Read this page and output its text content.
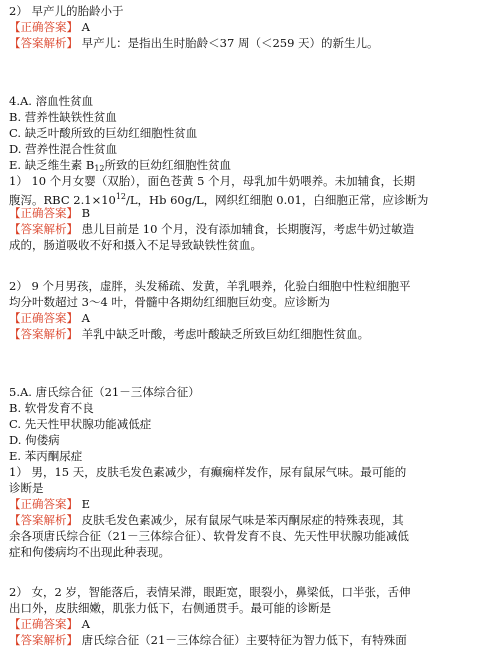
2） 早产儿的胎龄小于
【正确答案】 A
【答案解析】 早产儿：是指出生时胎龄＜37 周（＜259 天）的新生儿。
4.A. 溶血性贫血
B. 营养性缺铁性贫血
C. 缺乏叶酸所致的巨幼红细胞性贫血
D. 营养性混合性贫血
E. 缺乏维生素 $B_{12}$所致的巨幼红细胞性贫血
1） 10 个月女婴（双胎），面色苍黄 5 个月，母乳加牛奶喂养。未加辅食，长期
腹泻。RBC $2.1\times 10^{12}/L$，Hb 60g/L，网织红细胞 0.01，白细胞正常，应诊断为
【正确答案】 B
【答案解析】 患儿目前是 10 个月，没有添加辅食，长期腹泻，考虑牛奶过敏造
成的，肠道吸收不好和摄入不足导致缺铁性贫血。
2） 9 个月男孩，虚胖，头发稀疏、发黄，羊乳喂养，化验白细胞中性粒细胞平
均分叶数超过 3～4 叶，骨髓中各期幼红细胞巨幼变。应诊断为
【正确答案】 A
【答案解析】 羊乳中缺乏叶酸，考虑叶酸缺乏所致巨幼红细胞性贫血。
5.A. 唐氏综合征（21－三体综合征）
B. 软骨发育不良
C. 先天性甲状腺功能减低症
D. 佝偻病
E. 苯丙酮尿症
1） 男，15 天，皮肤毛发色素减少，有癫痫样发作，尿有鼠尿气味。最可能的
诊断是
【正确答案】 E
【答案解析】 皮肤毛发色素减少，尿有鼠尿气味是苯丙酮尿症的特殊表现，其
余各项唐氏综合征（21－三体综合征）、软骨发育不良、先天性甲状腺功能减低
症和佝偻病均不出现此种表现。
2） 女，2 岁，智能落后，表情呆滞，眼距宽，眼裂小，鼻梁低，口半张，舌伸
出口外，皮肤细嫩，肌张力低下，右侧通贯手。最可能的诊断是
【正确答案】 A
【答案解析】 唐氏综合征（21－三体综合征）主要特征为智力低下，有特殊面
